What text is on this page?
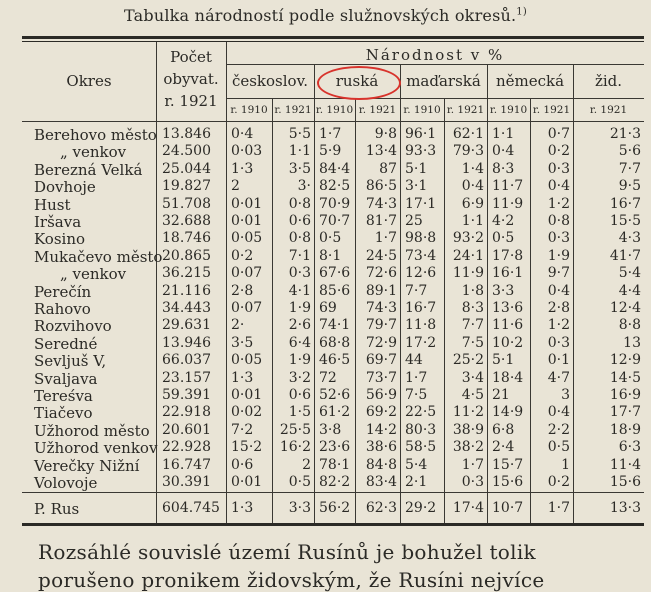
Tabulka národností podle služnovských okresů.$^{1)}$
Okres
Počet
obyvat.
r. 1921
Národnost v %
českoslov.	ruská	maďarská	německá	žid.
r. 1910 r. 1921 r. 1910 r. 1921 r. 1910 r. 1921 r. 1910 r. 1921	r. 1921
Berehovo město 13.846 0·4	5·5 1·7	9·8 96·1	62·1 1·1	0·7	21·3
„ venkov	24.500 0·03	1·1 5·9	13·4 93·3	79·3 0·4	0·2	5·6
Berezná Velká 25.044 1·3	3·5 84·4	87 5·1	1·4 8·3	0·3	7·7
Dovhoje	19.827 2	3· 82·5	86·5 3·1	0·4 11·7	0·4	9·5
Hust	51.708 0·01	0·8 70·9	74·3 17·1	6·9 11·9	1·2	16·7
Iršava	32.688 0·01	0·6 70·7	81·7 25	1·1 4·2	0·8	15·5
Kosino	18.746 0·05	0·8 0·5	1·7 98·8	93·2 0·5	0·3	4·3
Mukačevo město 20.865 0·2	7·1 8·1	24·5 73·4	24·1 17·8	1·9	41·7
„ venkov	36.215 0·07	0·3 67·6	72·6 12·6	11·9 16·1	9·7	5·4
Perečín	21.116 2·8	4·1 85·6	89·1 7·7	1·8 3·3	0·4	4·4
Rahovo	34.443 0·07	1·9 69	74·3 16·7	8·3 13·6	2·8	12·4
Rozvihovo	29.631 2·	2·6 74·1	79·7 11·8	7·7 11·6	1·2	8·8
Seredné	13.946 3·5	6·4 68·8	72·9 17·2	7·5 10·2	0·3	13
Sevljuš V,	66.037 0·05	1·9 46·5	69·7 44	25·2 5·1	0·1	12·9
Svaljava	23.157 1·3	3·2 72	73·7 1·7	3·4 18·4	4·7	14·5
Tereśva	59.391 0·01	0·6 52·6	56·9 7·5	4·5 21	3	16·9
Tiačevo	22.918 0·02	1·5 61·2	69·2 22·5	11·2 14·9	0·4	17·7
Užhorod město 20.601 7·2	25·5 3·8	14·2 80·3	38·9 6·8	2·2	18·9
Užhorod venkov 22.928 15·2	16·2 23·6	38·6 58·5	38·2 2·4	0·5	6·3
Verečky Nižní 16.747 0·6	2 78·1	84·8 5·4	1·7 15·7	1	11·4
Volovoje	30.391 0·01	0·5 82·2	83·4 2·1	0·3 15·6	0·2	15·6
P. Rus	604.745 1·3	3·3 56·2	62·3 29·2	17·4 10·7	1·7	13·3
Rozsáhlé souvislé území Rusínů je bohužel tolik
porušeno pronikem židovským, že Rusíni nejvíce
